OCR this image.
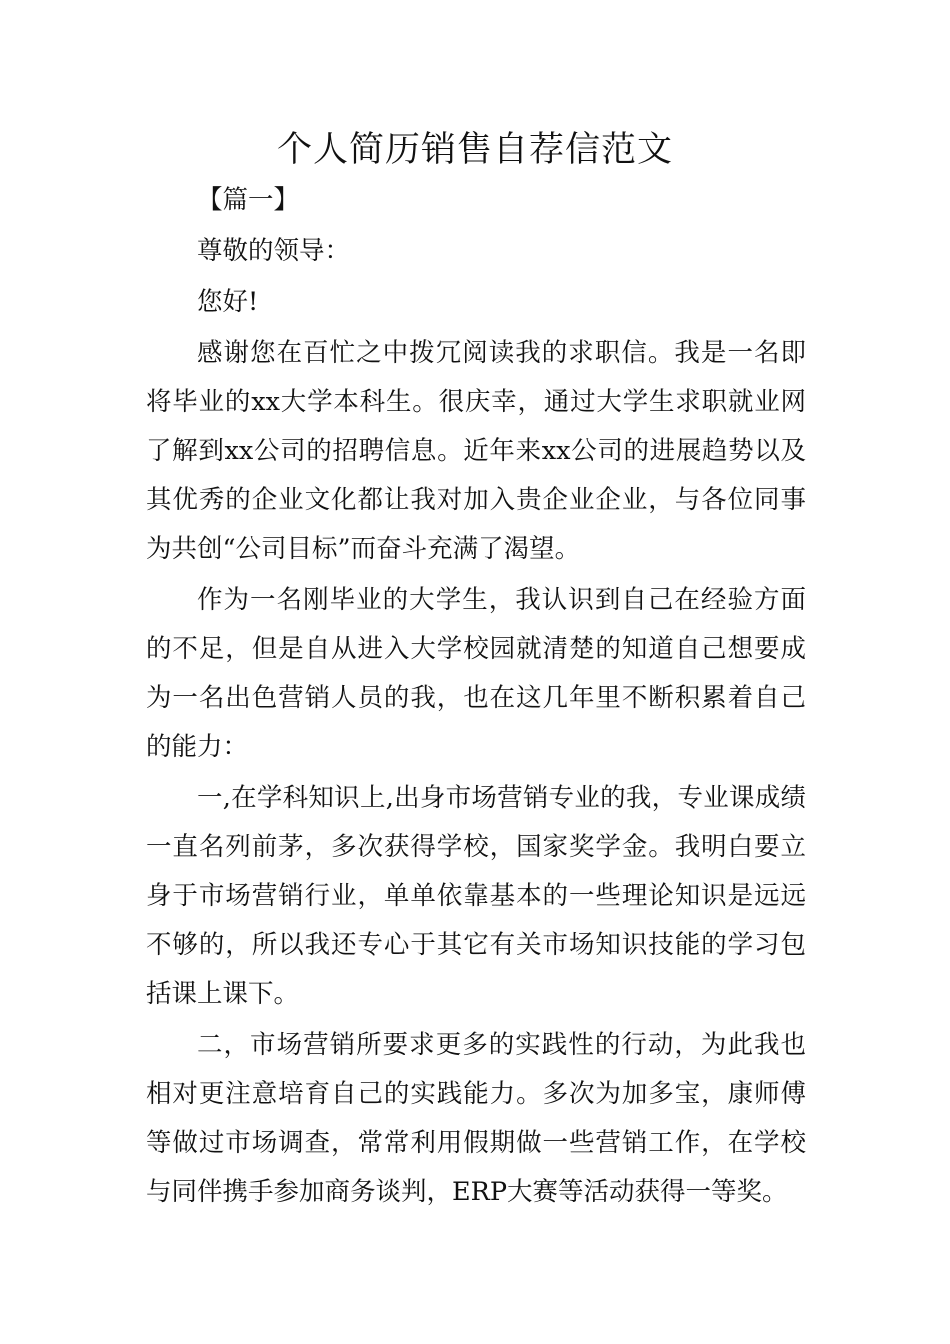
个人简历销售自荐信范文

【篇一】

尊敬的领导：

您好!

感谢您在百忙之中拨冗阅读我的求职信。我是一名即将毕业的xx大学本科生。很庆幸，通过大学生求职就业网了解到xx公司的招聘信息。近年来xx公司的进展趋势以及其优秀的企业文化都让我对加入贵企业企业，与各位同事为共创“公司目标”而奋斗充满了渴望。

作为一名刚毕业的大学生，我认识到自己在经验方面的不足，但是自从进入大学校园就清楚的知道自己想要成为一名出色营销人员的我，也在这几年里不断积累着自己的能力：

一,在学科知识上,出身市场营销专业的我，专业课成绩一直名列前茅，多次获得学校，国家奖学金。我明白要立身于市场营销行业，单单依靠基本的一些理论知识是远远不够的，所以我还专心于其它有关市场知识技能的学习包括课上课下。

二，市场营销所要求更多的实践性的行动，为此我也相对更注意培育自己的实践能力。多次为加多宝，康师傅等做过市场调查，常常利用假期做一些营销工作，在学校与同伴携手参加商务谈判，ERP大赛等活动获得一等奖。
